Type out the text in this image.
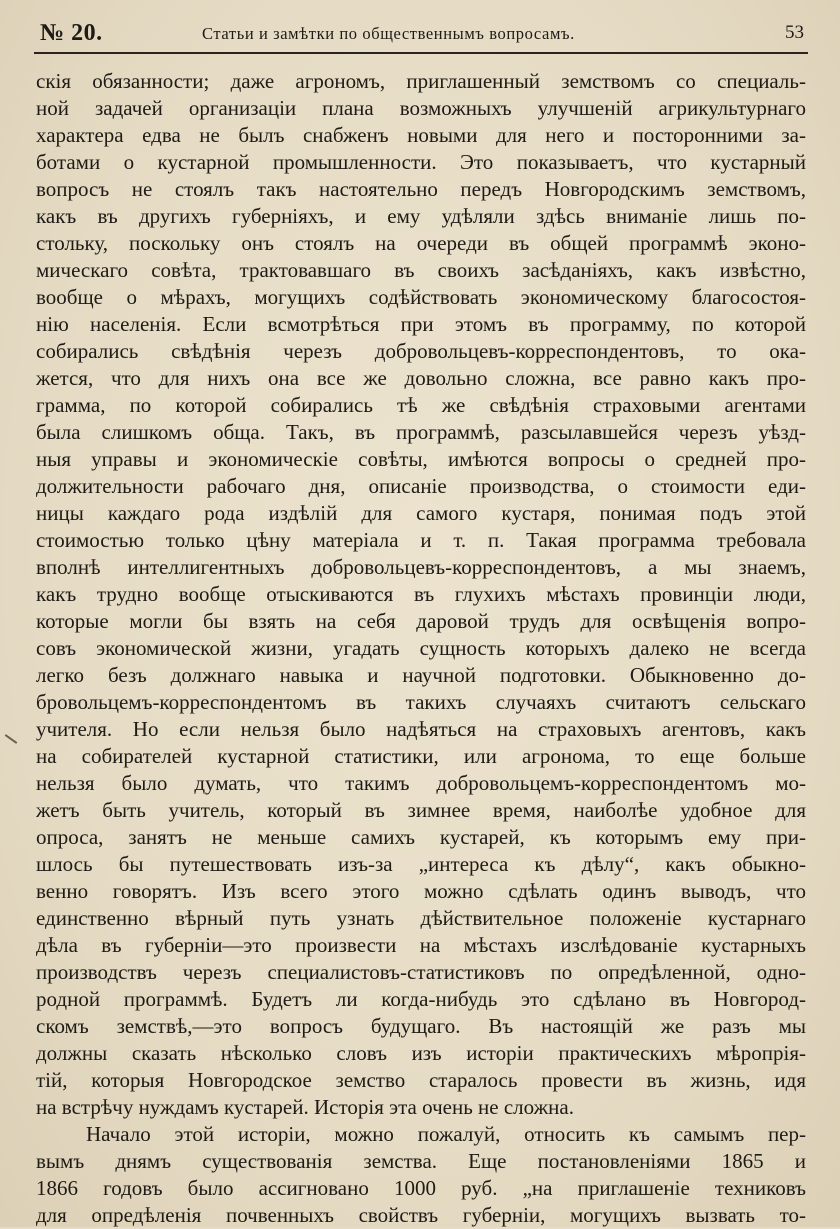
№ 20.	Статьи и замѣтки по общественнымъ вопросамъ.	53
скія обязанности; даже агрономъ, приглашенный земствомъ со специаль-
ной задачей организаціи плана возможныхъ улучшеній агрикультурнаго
характера едва не былъ снабженъ новыми для него и посторонними за-
ботами о кустарной промышленности. Это показываетъ, что кустарный
вопросъ не стоялъ такъ настоятельно передъ Новгородскимъ земствомъ,
какъ въ другихъ губерніяхъ, и ему удѣляли здѣсь вниманіе лишь по-
стольку, поскольку онъ стоялъ на очереди въ общей программѣ эконо-
мическаго совѣта, трактовавшаго въ своихъ засѣданіяхъ, какъ извѣстно,
вообще о мѣрахъ, могущихъ содѣйствовать экономическому благосостоя-
нію населенія. Если всмотрѣться при этомъ въ программу, по которой
собирались свѣдѣнія черезъ добровольцевъ-корреспондентовъ, то ока-
жется, что для нихъ она все же довольно сложна, все равно какъ про-
грамма, по которой собирались тѣ же свѣдѣнія страховыми агентами
была слишкомъ обща. Такъ, въ программѣ, разсылавшейся черезъ уѣзд-
ныя управы и экономическіе совѣты, имѣются вопросы о средней про-
должительности рабочаго дня, описаніе производства, о стоимости еди-
ницы каждаго рода издѣлій для самого кустаря, понимая подъ этой
стоимостью только цѣну матеріала и т. п. Такая программа требовала
вполнѣ интеллигентныхъ добровольцевъ-корреспондентовъ, а мы знаемъ,
какъ трудно вообще отыскиваются въ глухихъ мѣстахъ провинціи люди,
которые могли бы взять на себя даровой трудъ для освѣщенія вопро-
совъ экономической жизни, угадать сущность которыхъ далеко не всегда
легко безъ должнаго навыка и научной подготовки. Обыкновенно до-
бровольцемъ-корреспондентомъ въ такихъ случаяхъ считаютъ сельскаго
учителя. Но если нельзя было надѣяться на страховыхъ агентовъ, какъ
на собирателей кустарной статистики, или агронома, то еще больше
нельзя было думать, что такимъ добровольцемъ-корреспондентомъ мо-
жетъ быть учитель, который въ зимнее время, наиболѣе удобное для
опроса, занятъ не меньше самихъ кустарей, къ которымъ ему при-
шлось бы путешествовать изъ-за „интереса къ дѣлу“, какъ обыкно-
венно говорятъ. Изъ всего этого можно сдѣлать одинъ выводъ, что
единственно вѣрный путь узнать дѣйствительное положеніе кустарнаго
дѣла въ губерніи—это произвести на мѣстахъ изслѣдованіе кустарныхъ
производствъ черезъ специалистовъ-статистиковъ по опредѣленной, одно-
родной программѣ. Будетъ ли когда-нибудь это сдѣлано въ Новгород-
скомъ земствѣ,—это вопросъ будущаго. Въ настоящій же разъ мы
должны сказать нѣсколько словъ изъ исторіи практическихъ мѣропрія-
тій, которыя Новгородское земство старалось провести въ жизнь, идя
на встрѣчу нуждамъ кустарей. Исторія эта очень не сложна.
Начало этой исторіи, можно пожалуй, относить къ самымъ пер-
вымъ днямъ существованія земства. Еще постановленіями 1865 и
1866 годовъ было ассигновано 1000 руб. „на приглашеніе техниковъ
для опредѣленія почвенныхъ свойствъ губерніи, могущихъ вызвать то-
